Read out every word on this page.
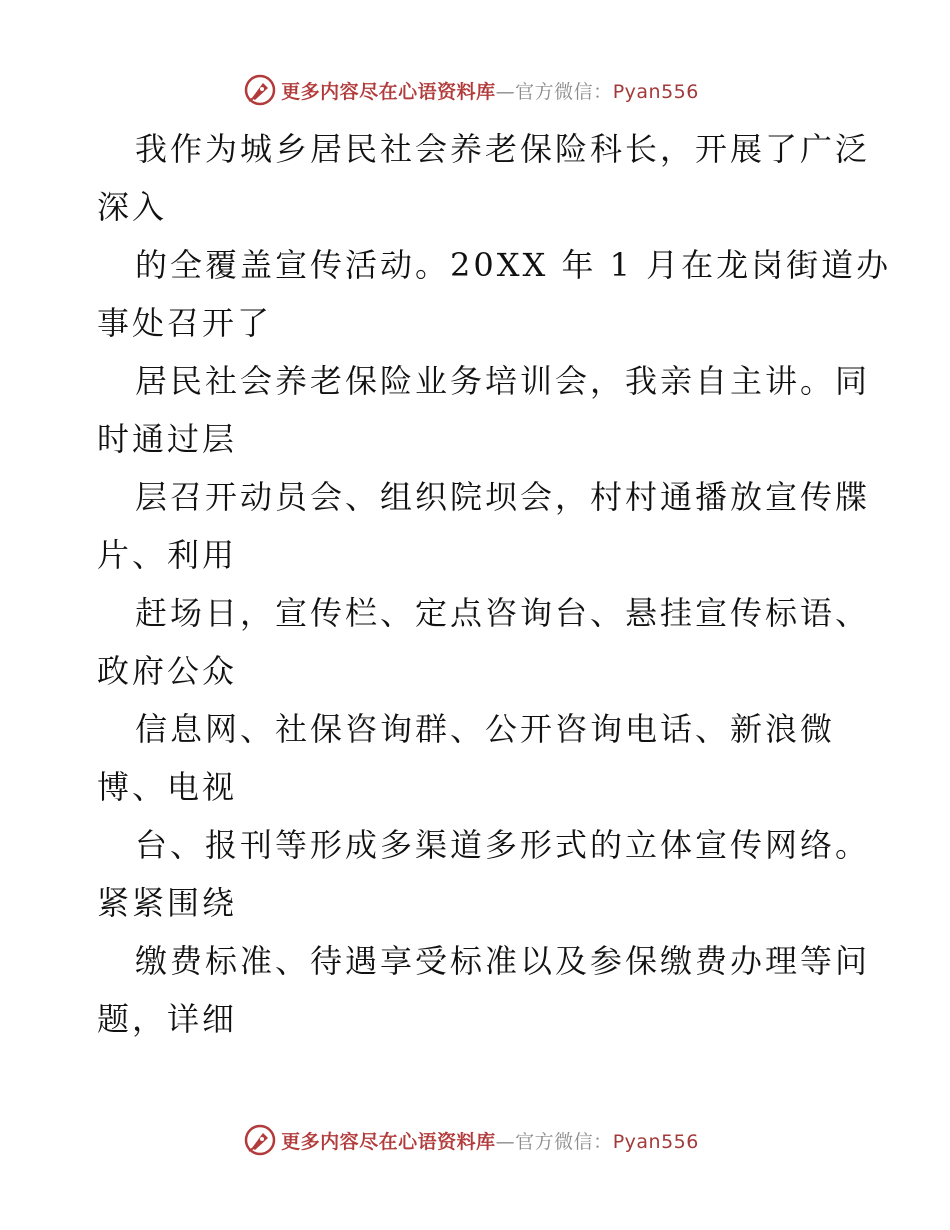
更多内容尽在心语资料库—官方微信：Pyan556
我作为城乡居民社会养老保险科长，开展了广泛
深入
的全覆盖宣传活动。20XX 年 1 月在龙岗街道办
事处召开了
居民社会养老保险业务培训会，我亲自主讲。同
时通过层
层召开动员会、组织院坝会，村村通播放宣传牒
片、利用
赶场日，宣传栏、定点咨询台、悬挂宣传标语、
政府公众
信息网、社保咨询群、公开咨询电话、新浪微
博、电视
台、报刊等形成多渠道多形式的立体宣传网络。
紧紧围绕
缴费标准、待遇享受标准以及参保缴费办理等问
题，详细
更多内容尽在心语资料库—官方微信：Pyan556
